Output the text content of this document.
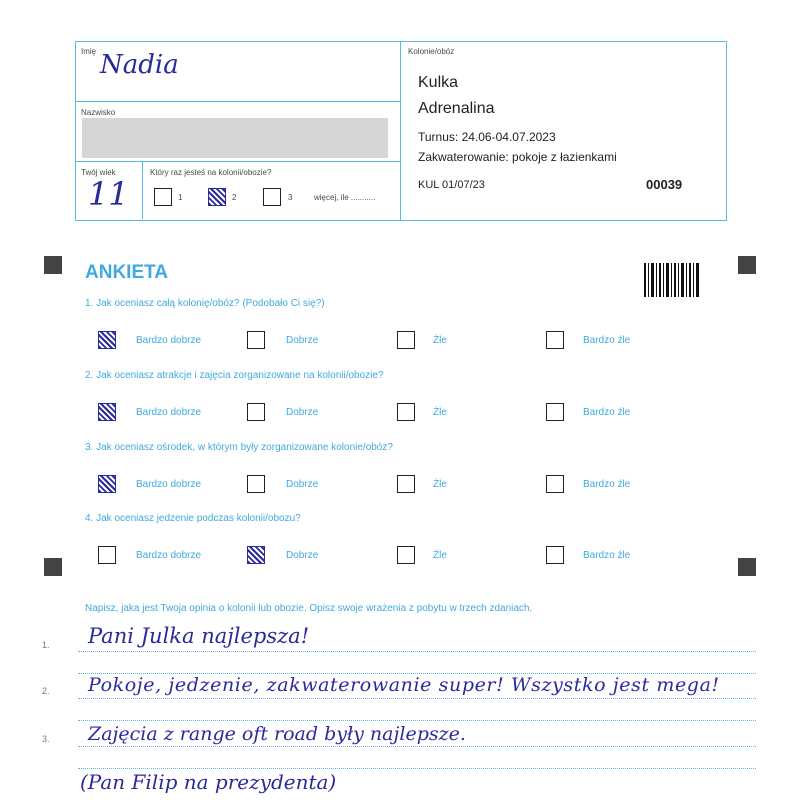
Imię Nadia
Nazwisko
Twój wiek
11
Który raz jesteś na kolonii/obozie?
1	2	3	więcej, ile ...........
Kolonie/obóz
Kulka
Adrenalina
Turnus: 24.06-04.07.2023
Zakwaterowanie: pokoje z łazienkami
KUL 01/07/23	00039
ANKIETA
1. Jak oceniasz całą kolonię/obóz? (Podobało Ci się?)
Bardzo dobrze	Dobrze	Źle	Bardzo źle
2. Jak oceniasz atrakcje i zajęcia zorganizowane na kolonii/obozie?
Bardzo dobrze	Dobrze	Źle	Bardzo źle
3. Jak oceniasz ośrodek, w którym były zorganizowane kolonie/obóz?
Bardzo dobrze	Dobrze	Źle	Bardzo źle
4. Jak oceniasz jedzenie podczas kolonii/obozu?
Bardzo dobrze	Dobrze	Źle	Bardzo źle
Napisz, jaka jest Twoja opinia o kolonii lub obozie. Opisz swoje wrażenia z pobytu w trzech zdaniach.
1.
2.
3.
Pani Julka najlepsza!
Pokoje, jedzenie, zakwaterowanie super! Wszystko jest mega!
Zajęcia z range oft road były najlepsze.
(Pan Filip na prezydenta)
